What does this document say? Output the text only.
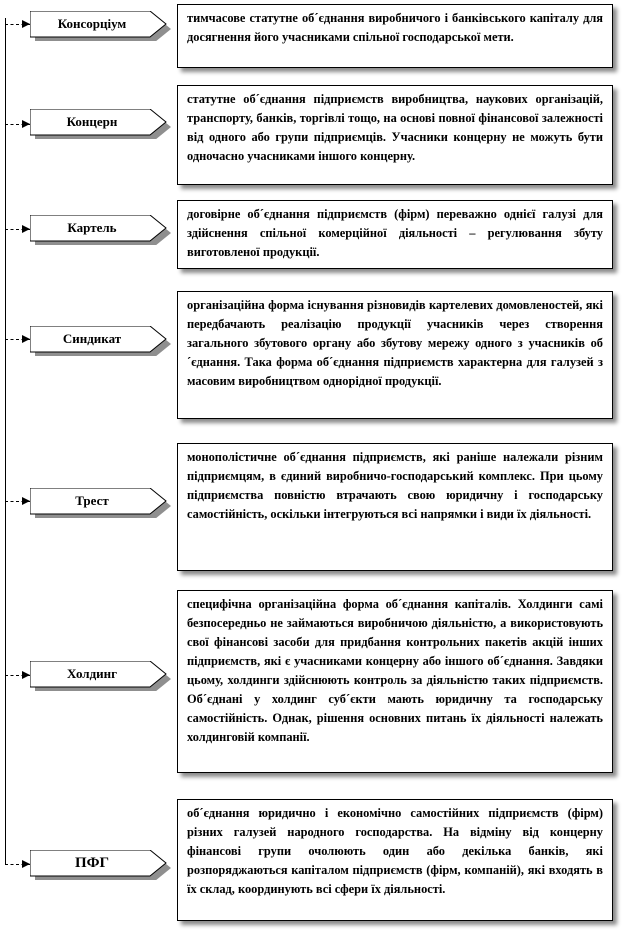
Консорціум	тимчасове статутне об´єднання виробничого і банківського капіталу для досягнення його учасниками спільної господарської мети.
Концерн
статутне об´єднання підприємств виробництва, наукових організацій, транспорту, банків, торгівлі тощо, на основі повної фінансової залежності від одного або групи підприємців. Учасники концерну не можуть бути одночасно учасниками іншого концерну.
Картель
договірне об´єднання підприємств (фірм) переважно однієї галузі для здійснення спільної комерційної діяльності – регулювання збуту виготовленої продукції.
Синдикат
організаційна форма існування різновидів картелевих домовленостей, які передбачають реалізацію продукції учасників через створення загального збутового органу або збутову мережу одного з учасників об´єднання. Така форма об´єднання підприємств характерна для галузей з масовим виробництвом однорідної продукції.
Трест
монополістичне об´єднання підприємств, які раніше належали різним підприємцям, в єдиний виробничо-господарський комплекс. При цьому підприємства повністю втрачають свою юридичну і господарську самостійність, оскільки інтегруються всі напрямки і види їх діяльності.
Холдинг
специфічна організаційна форма об´єднання капіталів. Холдинги самі безпосередньо не займаються виробничою діяльністю, а використовують свої фінансові засоби для придбання контрольних пакетів акцій інших підприємств, які є учасниками концерну або іншого об´єднання. Завдяки цьому, холдинги здійснюють контроль за діяльністю таких підприємств. Об´єднані у холдинг суб´єкти мають юридичну та господарську самостійність. Однак, рішення основних питань їх діяльності належать холдинговій компанії.
ПФГ
об´єднання юридично і економічно самостійних підприємств (фірм) різних галузей народного господарства. На відміну від концерну фінансові групи очолюють один або декілька банків, які розпоряджаються капіталом підприємств (фірм, компаній), які входять в їх склад, координують всі сфери їх діяльності.
